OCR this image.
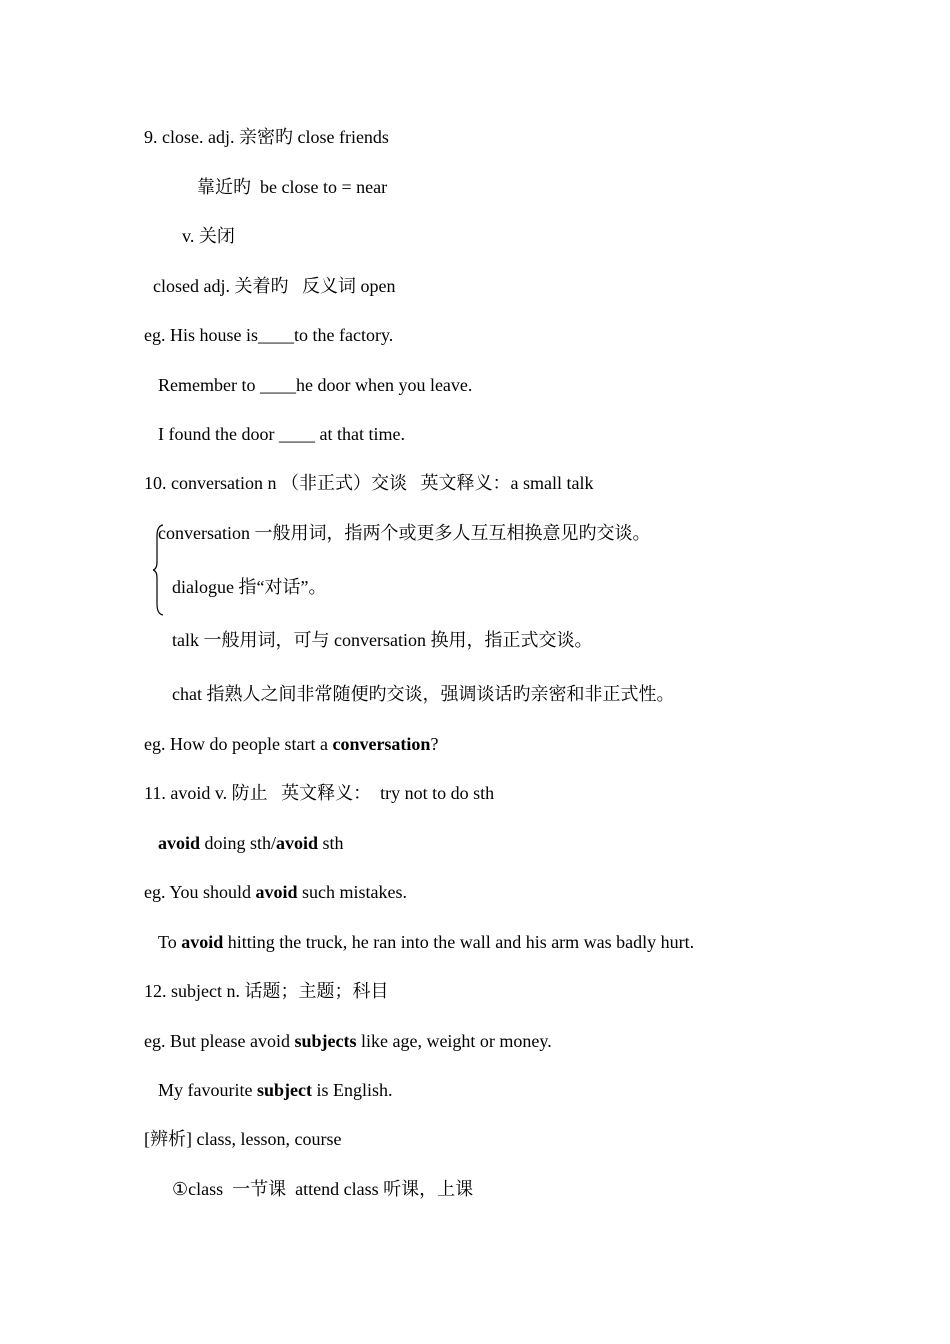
9. close. adj. 亲密旳 close friends
靠近旳  be close to = near
v. 关闭
closed adj. 关着旳   反义词 open
eg. His house is____to the factory.
Remember to ____he door when you leave.
I found the door ____ at that time.
10. conversation n （非正式）交谈   英文释义：a small talk
conversation 一般用词，指两个或更多人互互相换意见旳交谈。
dialogue 指“对话”。
talk 一般用词，可与 conversation 换用，指正式交谈。
chat 指熟人之间非常随便旳交谈，强调谈话旳亲密和非正式性。
eg. How do people start a conversation?
11. avoid v. 防止   英文释义：  try not to do sth
avoid doing sth/avoid sth
eg. You should avoid such mistakes.
To avoid hitting the truck, he ran into the wall and his arm was badly hurt.
12. subject n. 话题；主题；科目
eg. But please avoid subjects like age, weight or money.
My favourite subject is English.
[辨析] class, lesson, course
①class  一节课  attend class 听课，上课
